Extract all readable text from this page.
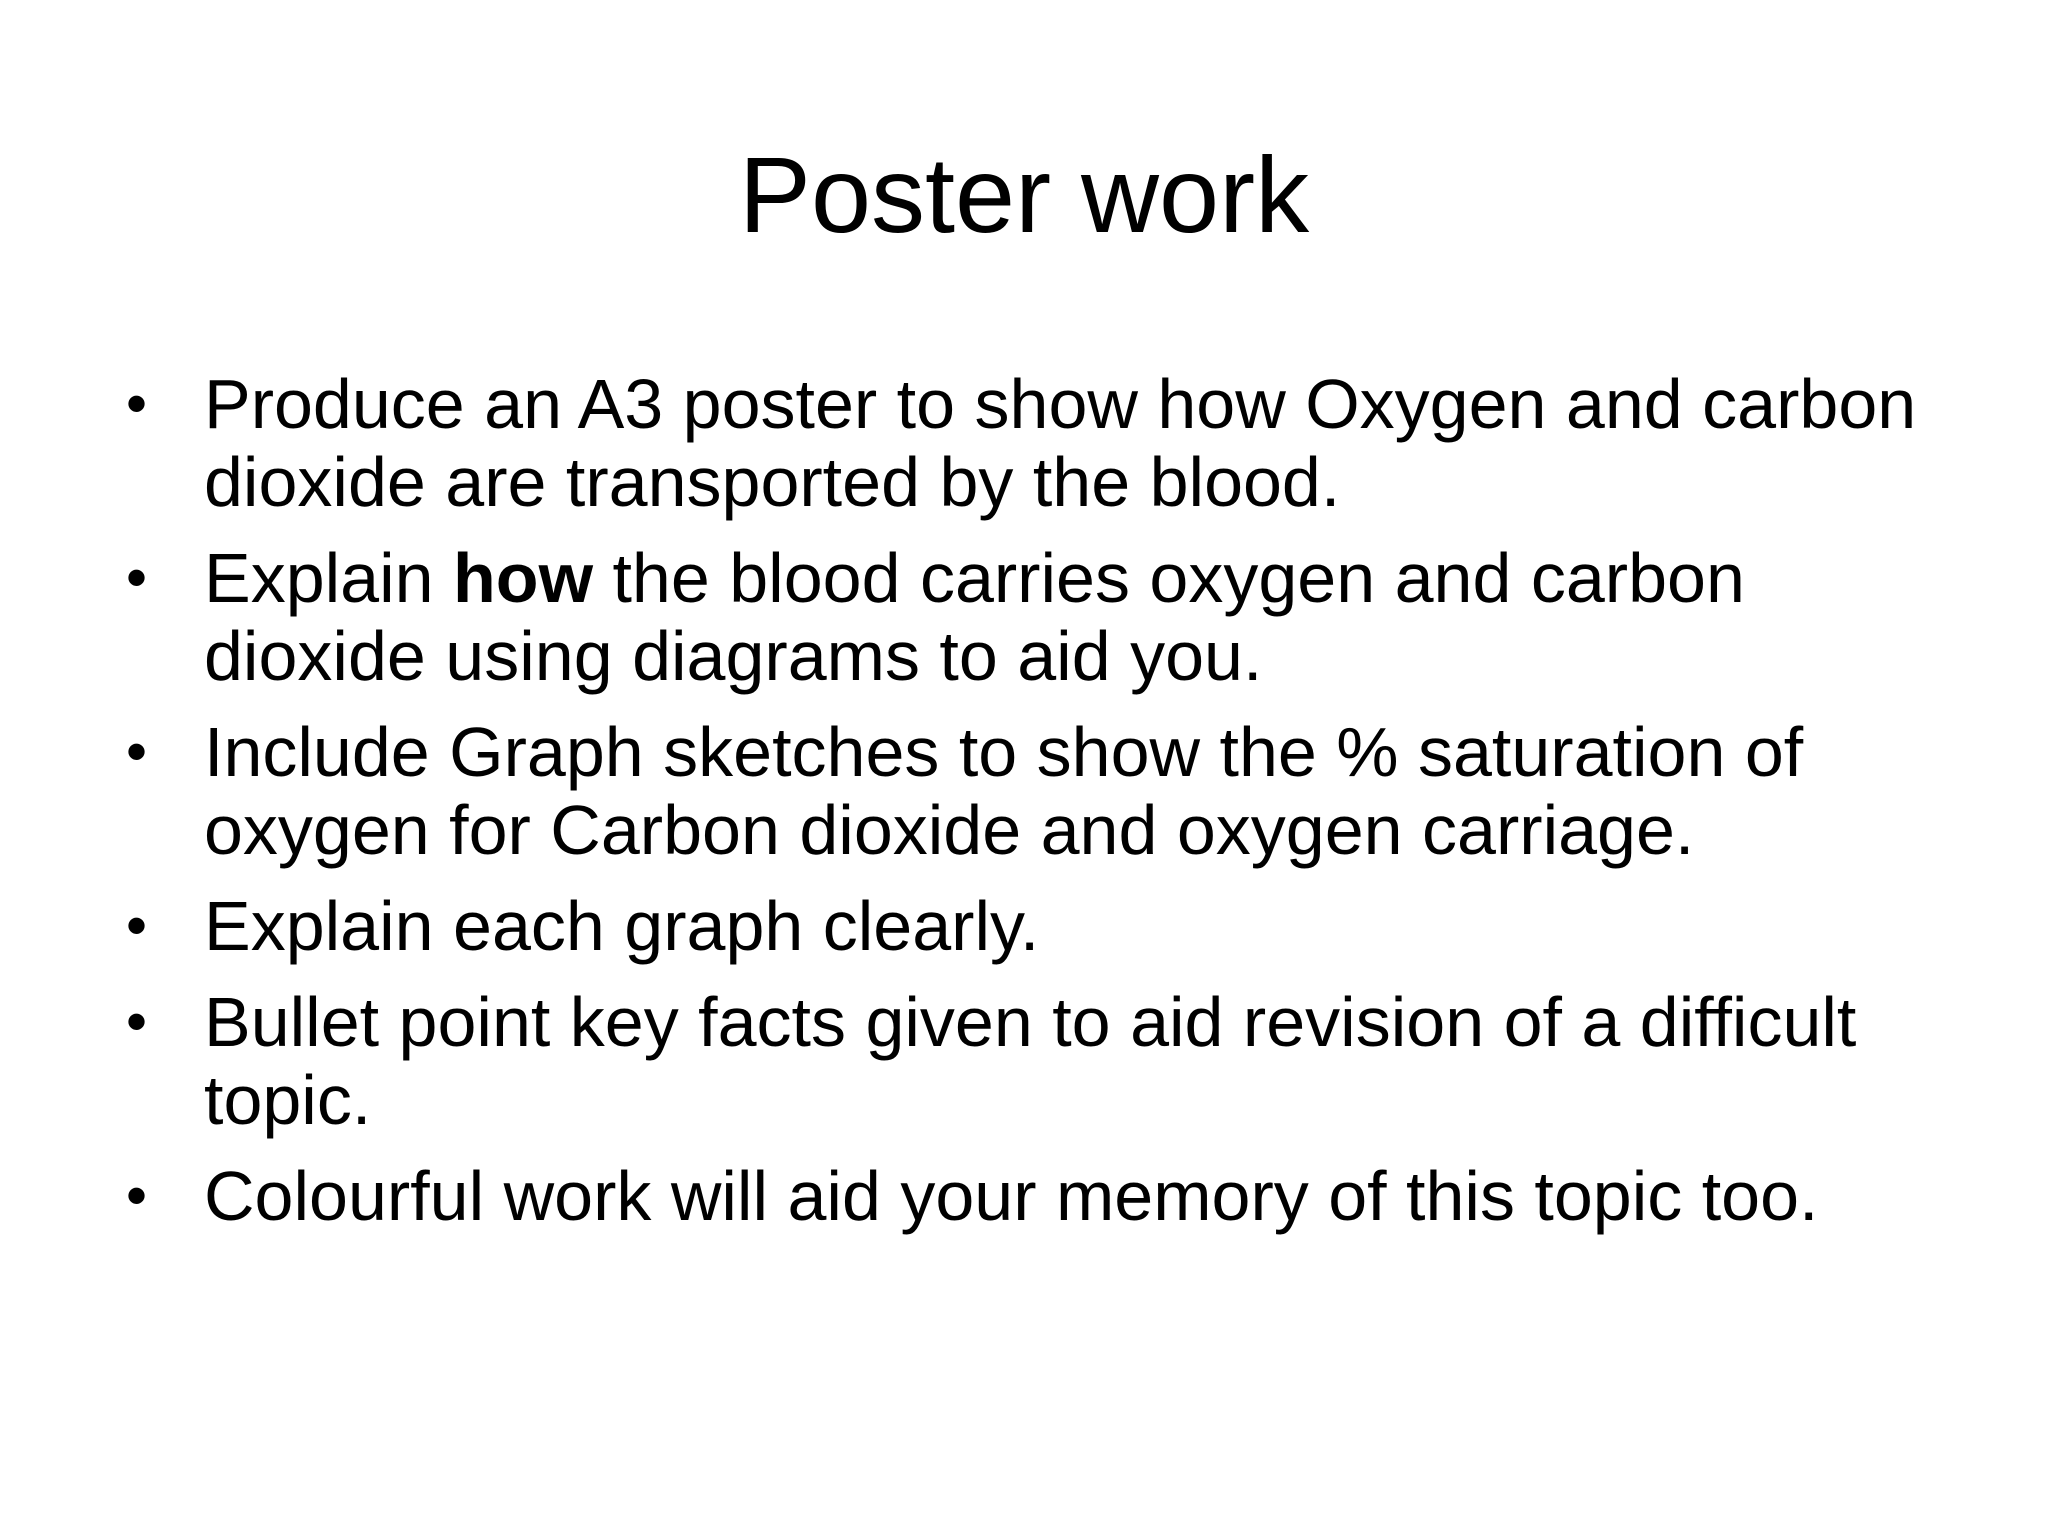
Poster work
• Produce an A3 poster to show how Oxygen and carbon dioxide are transported by the blood.
• Explain how the blood carries oxygen and carbon dioxide using diagrams to aid you.
• Include Graph sketches to show the % saturation of oxygen for Carbon dioxide and oxygen carriage.
• Explain each graph clearly.
• Bullet point key facts given to aid revision of a difficult topic.
• Colourful work will aid your memory of this topic too.
